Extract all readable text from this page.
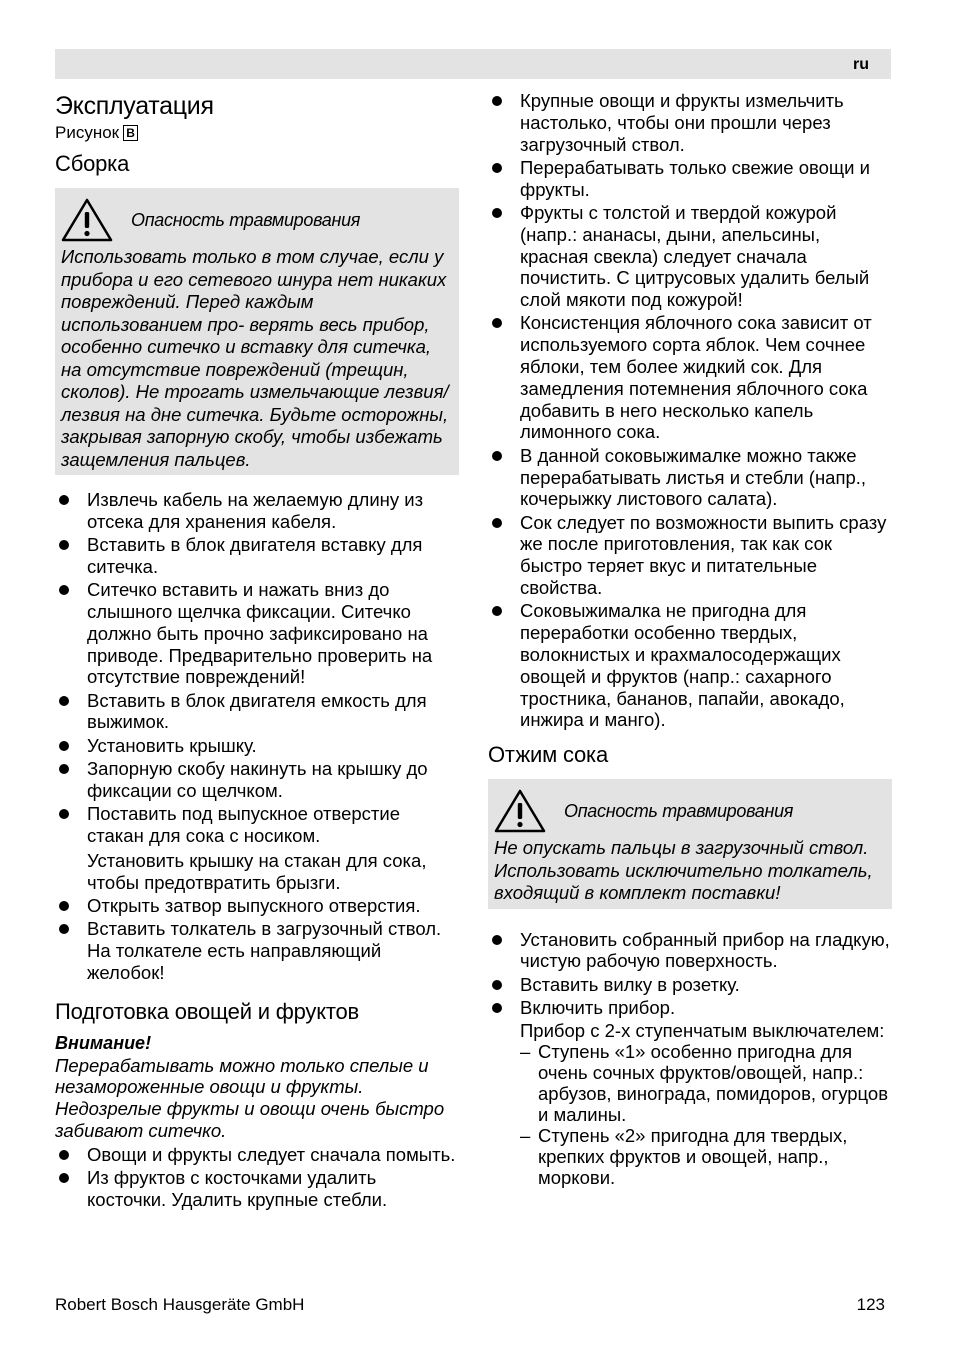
ru
Эксплуатация
Рисунок B
Сборка
Опасность травмирования

Использовать только в том случае, если у прибора и его сетевого шнура нет никаких повреждений. Перед каждым использованием про- верять весь прибор, особенно ситечко и вставку для ситечка, на отсутствие повреждений (трещин, сколов). Не трогать измельчающие лезвия/лезвия на дне ситечка. Будьте осторожны, закрывая запорную скобу, чтобы избежать защемления пальцев.

Извлечь кабель на желаемую длину из отсека для хранения кабеля.
Вставить в блок двигателя вставку для ситечка.
Ситечко вставить и нажать вниз до слышного щелчка фиксации. Ситечко должно быть прочно зафиксировано на приводе. Предварительно проверить на отсутствие повреждений!
Вставить в блок двигателя емкость для выжимок.
Установить крышку.
Запорную скобу накинуть на крышку до фиксации со щелчком.
Поставить под выпускное отверстие стакан для сока с носиком.
Установить крышку на стакан для сока, чтобы предотвратить брызги.
Открыть затвор выпускного отверстия.
Вставить толкатель в загрузочный ствол. На толкателе есть направляющий желобок!
Подготовка овощей и фруктов
Внимание!

Перерабатывать можно только спелые и незамороженные овощи и фрукты. Недозрелые фрукты и овощи очень быстро забивают ситечко.

Овощи и фрукты следует сначала помыть.
Из фруктов с косточками удалить косточки. Удалить крупные стебли.
Крупные овощи и фрукты измельчить настолько, чтобы они прошли через загрузочный ствол.
Перерабатывать только свежие овощи и фрукты.
Фрукты с толстой и твердой кожурой (напр.: ананасы, дыни, апельсины, красная свекла) следует сначала почистить. С цитрусовых удалить белый слой мякоти под кожурой!
Консистенция яблочного сока зависит от используемого сорта яблок. Чем сочнее яблоки, тем более жидкий сок. Для замедления потемнения яблочного сока добавить в него несколько капель лимонного сока.
В данной соковыжималке можно также перерабатывать листья и стебли (напр., кочерыжку листового салата).
Сок следует по возможности выпить сразу же после приготовления, так как сок быстро теряет вкус и питательные свойства.
Соковыжималка не пригодна для переработки особенно твердых, волокнистых и крахмалосодержащих овощей и фруктов (напр.: сахарного тростника, бананов, папайи, авокадо, инжира и манго).
Отжим сока
Опасность травмирования

Не опускать пальцы в загрузочный ствол. Использовать исключительно толкатель, входящий в комплект поставки!

Установить собранный прибор на гладкую, чистую рабочую поверхность.
Вставить вилку в розетку.
Включить прибор.
Прибор с 2-х ступенчатым выключателем:
– Ступень «1» особенно пригодна для очень сочных фруктов/овощей, напр.: арбузов, винограда, помидоров, огурцов и малины.
– Ступень «2» пригодна для твердых, крепких фруктов и овощей, напр., моркови.
Robert Bosch Hausgeräte GmbH	123
